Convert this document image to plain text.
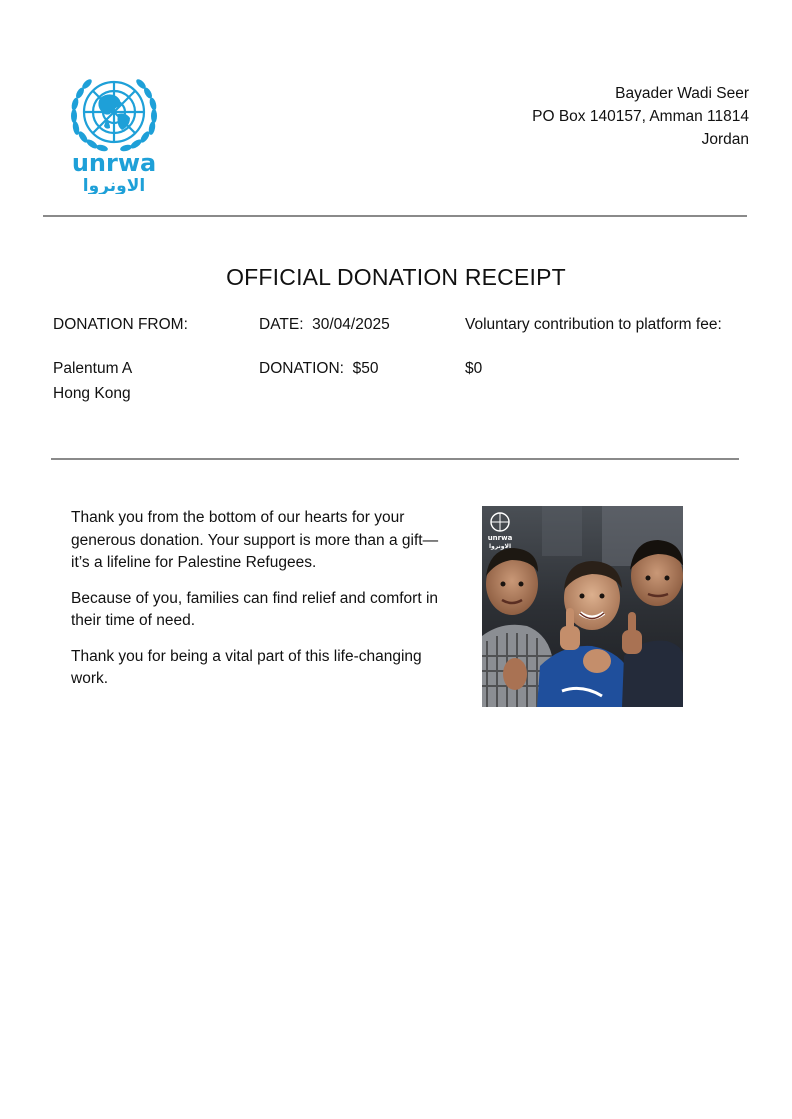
unrwa
الاونروا
Bayader Wadi Seer
PO Box 140157, Amman 11814
Jordan
OFFICIAL DONATION RECEIPT
DONATION FROM:	DATE: 30/04/2025	Voluntary contribution to platform fee:
Palentum A	DONATION: $50	$0
Hong Kong

Thank you from the bottom of our hearts for your generous donation. Your support is more than a gift—it’s a lifeline for Palestine Refugees.

Because of you, families can find relief and comfort in their time of need.

Thank you for being a vital part of this life-changing work.

unrwa
الاونروا
